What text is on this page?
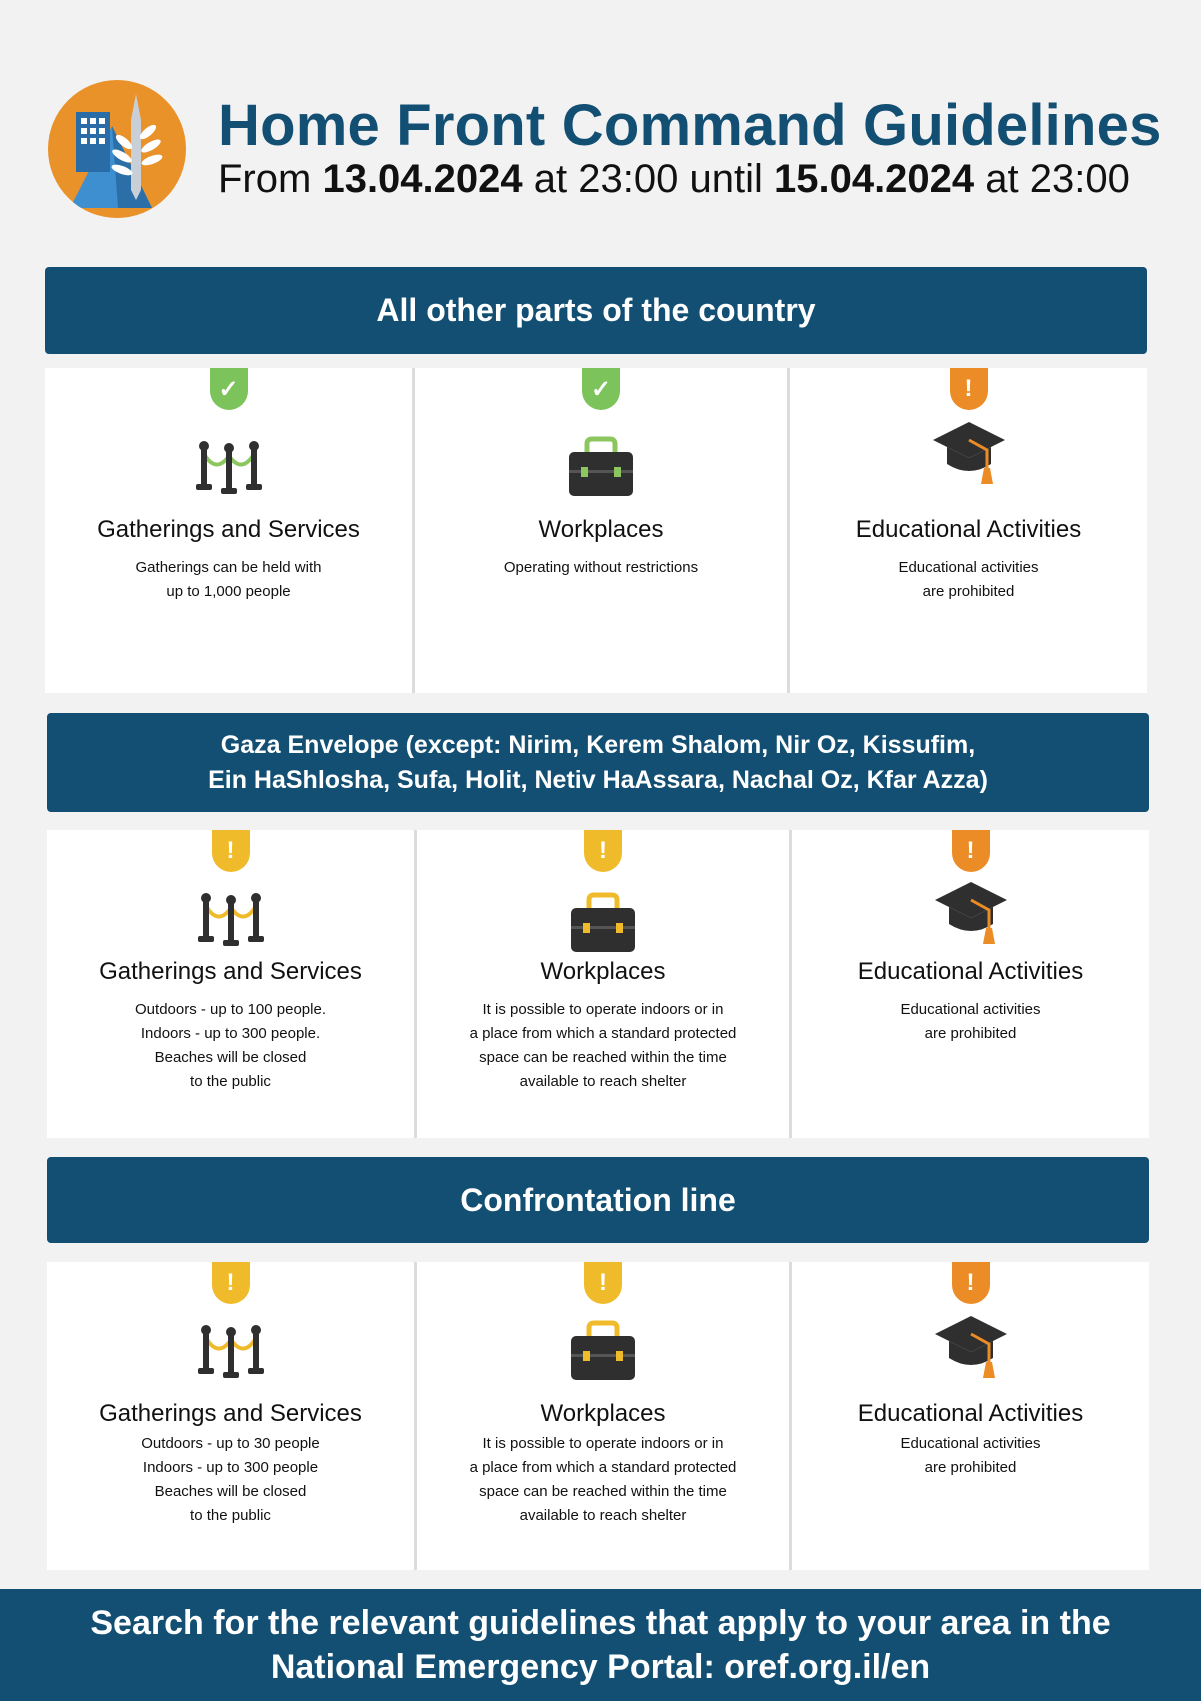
Home Front Command Guidelines
From 13.04.2024 at 23:00 until 15.04.2024 at 23:00
All other parts of the country
✓
Gatherings and Services
Gatherings can be held with
up to 1,000 people
✓
Workplaces
Operating without restrictions
!
Educational Activities
Educational activities
are prohibited
Gaza Envelope (except: Nirim, Kerem Shalom, Nir Oz, Kissufim,
Ein HaShlosha, Sufa, Holit, Netiv HaAssara, Nachal Oz, Kfar Azza)
!
Gatherings and Services
Outdoors - up to 100 people.
Indoors - up to 300 people.
Beaches will be closed
to the public
!
Workplaces
It is possible to operate indoors or in
a place from which a standard protected
space can be reached within the time
available to reach shelter
!
Educational Activities
Educational activities
are prohibited
Confrontation line
!
Gatherings and Services
Outdoors - up to 30 people
Indoors - up to 300 people
Beaches will be closed
to the public
!
Workplaces
It is possible to operate indoors or in
a place from which a standard protected
space can be reached within the time
available to reach shelter
!
Educational Activities
Educational activities
are prohibited
Search for the relevant guidelines that apply to your area in the
National Emergency Portal: oref.org.il/en
